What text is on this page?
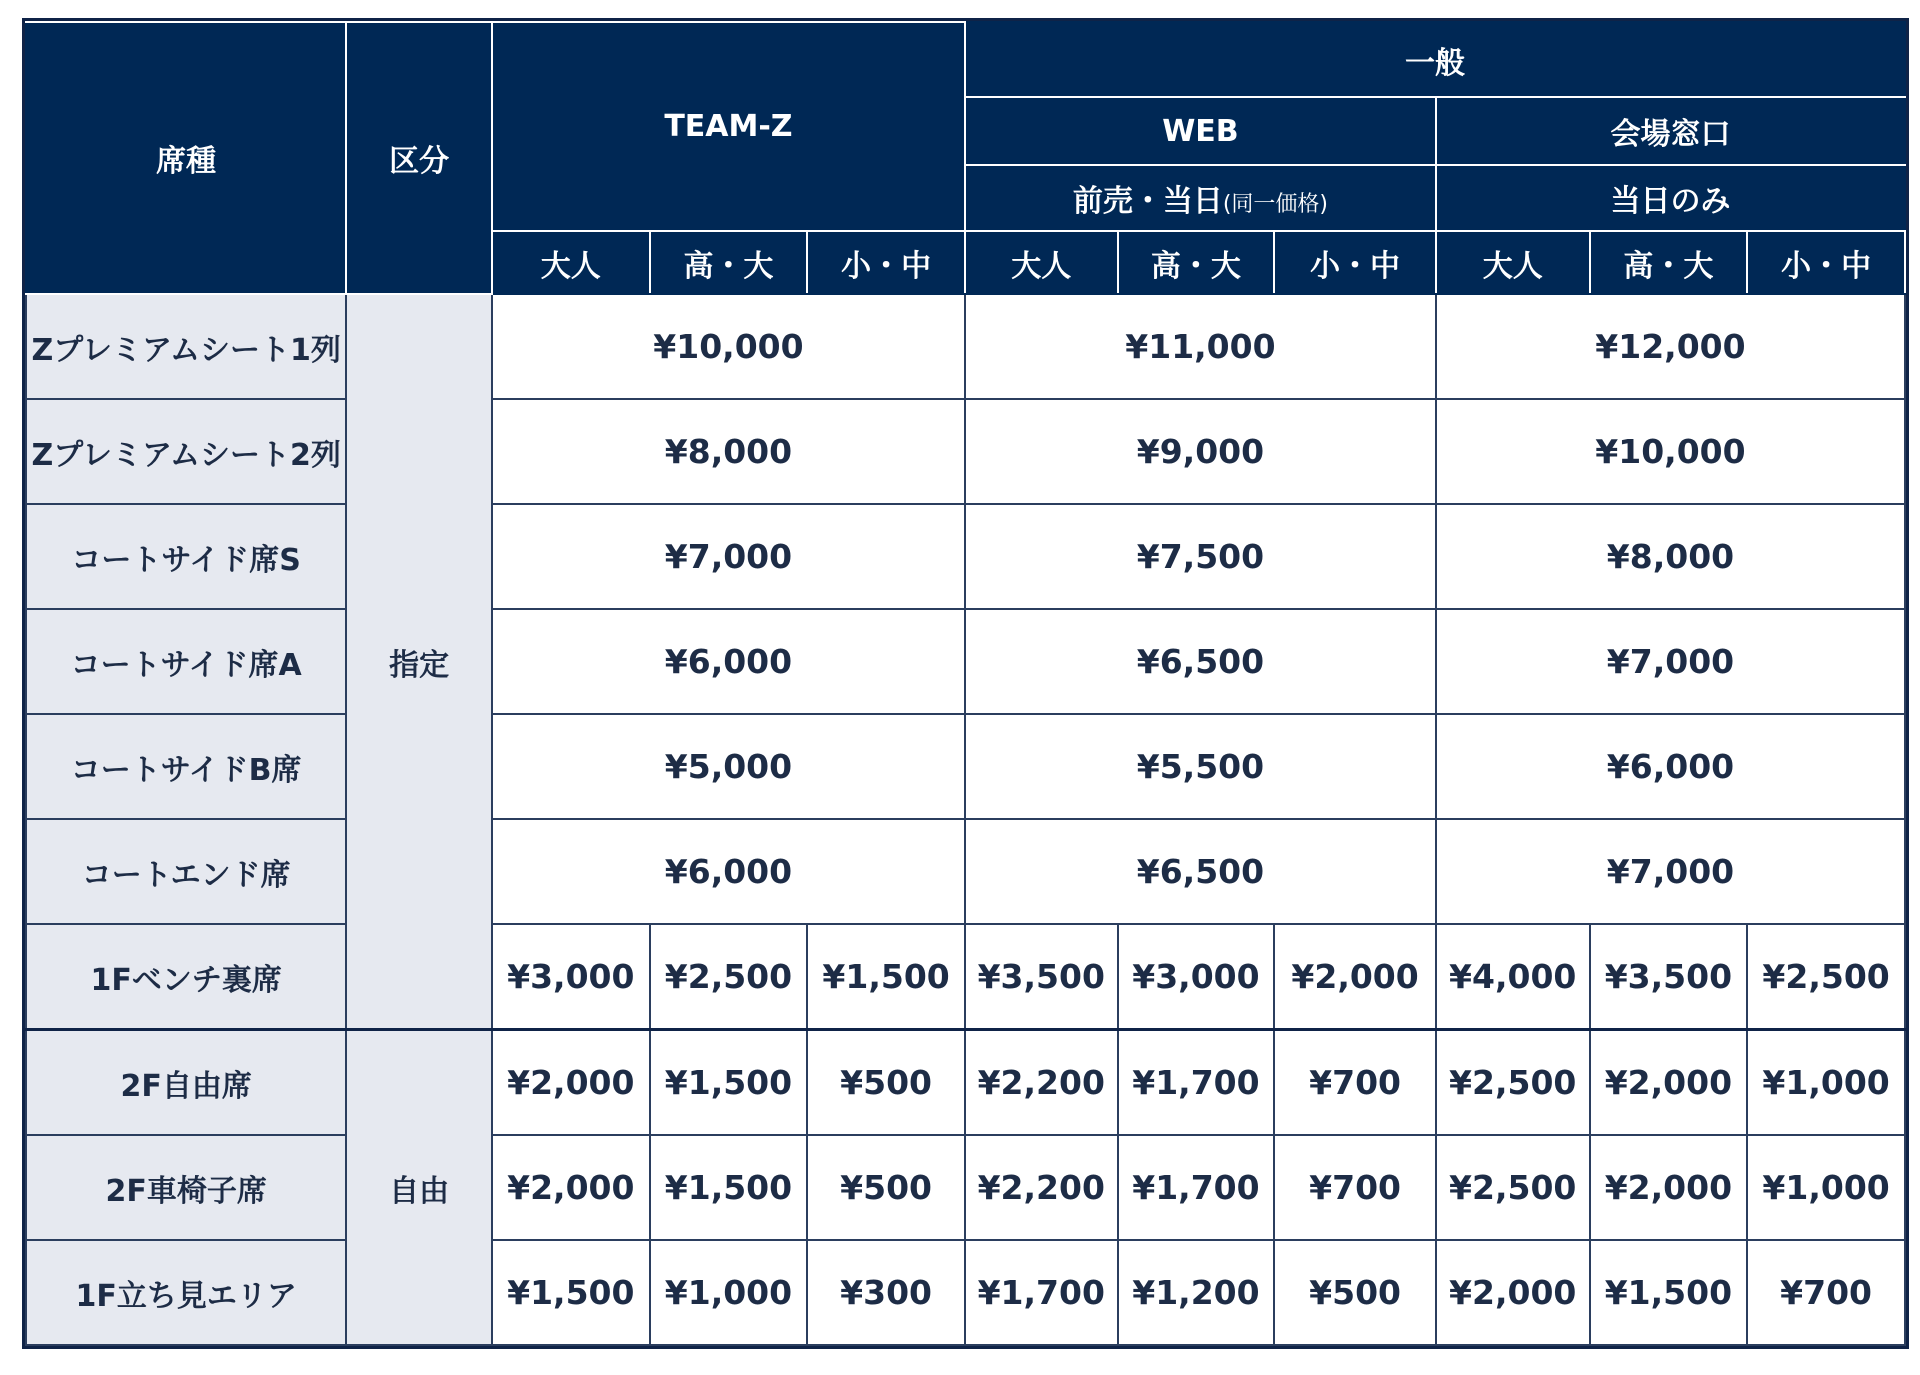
席種	区分	TEAM-Z			一般					
					WEB			会場窓口		
					前売・当日(同一価格)			当日のみ		
		大人	高・大	小・中	大人	高・大	小・中	大人	高・大	小・中
Zプレミアムシート1列	指定	¥10,000			¥11,000			¥12,000		
Zプレミアムシート2列		¥8,000			¥9,000			¥10,000		
コートサイド席S		¥7,000			¥7,500			¥8,000		
コートサイド席A		¥6,000			¥6,500			¥7,000		
コートサイドB席		¥5,000			¥5,500			¥6,000		
コートエンド席		¥6,000			¥6,500			¥7,000		
1Fベンチ裏席		¥3,000	¥2,500	¥1,500	¥3,500	¥3,000	¥2,000	¥4,000	¥3,500	¥2,500
2F自由席	自由	¥2,000	¥1,500	¥500	¥2,200	¥1,700	¥700	¥2,500	¥2,000	¥1,000
2F車椅子席		¥2,000	¥1,500	¥500	¥2,200	¥1,700	¥700	¥2,500	¥2,000	¥1,000
1F立ち見エリア		¥1,500	¥1,000	¥300	¥1,700	¥1,200	¥500	¥2,000	¥1,500	¥700
